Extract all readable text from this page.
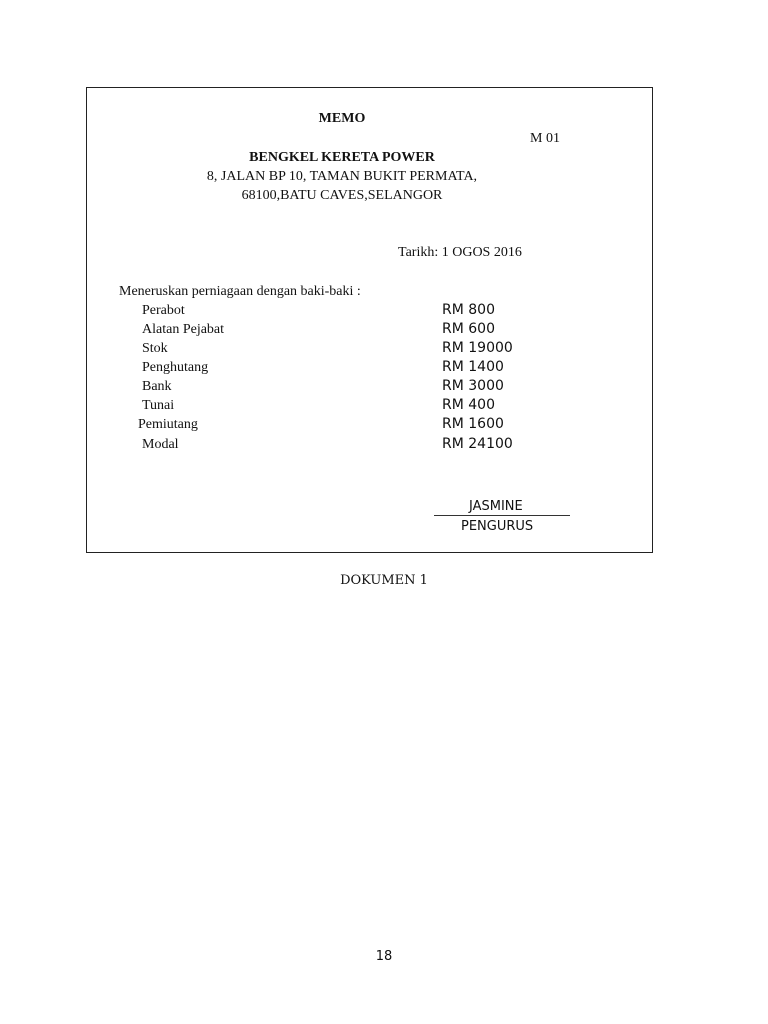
MEMO
M 01
BENGKEL KERETA POWER
8, JALAN BP 10, TAMAN BUKIT PERMATA,
68100,BATU CAVES,SELANGOR
Tarikh: 1 OGOS 2016
Meneruskan perniagaan dengan baki-baki :
Perabot	RM 800
Alatan Pejabat	RM 600
Stok	RM 19000
Penghutang	RM 1400
Bank	RM 3000
Tunai	RM 400
Pemiutang	RM 1600
Modal	RM 24100
JASMINE
PENGURUS
DOKUMEN 1
18
